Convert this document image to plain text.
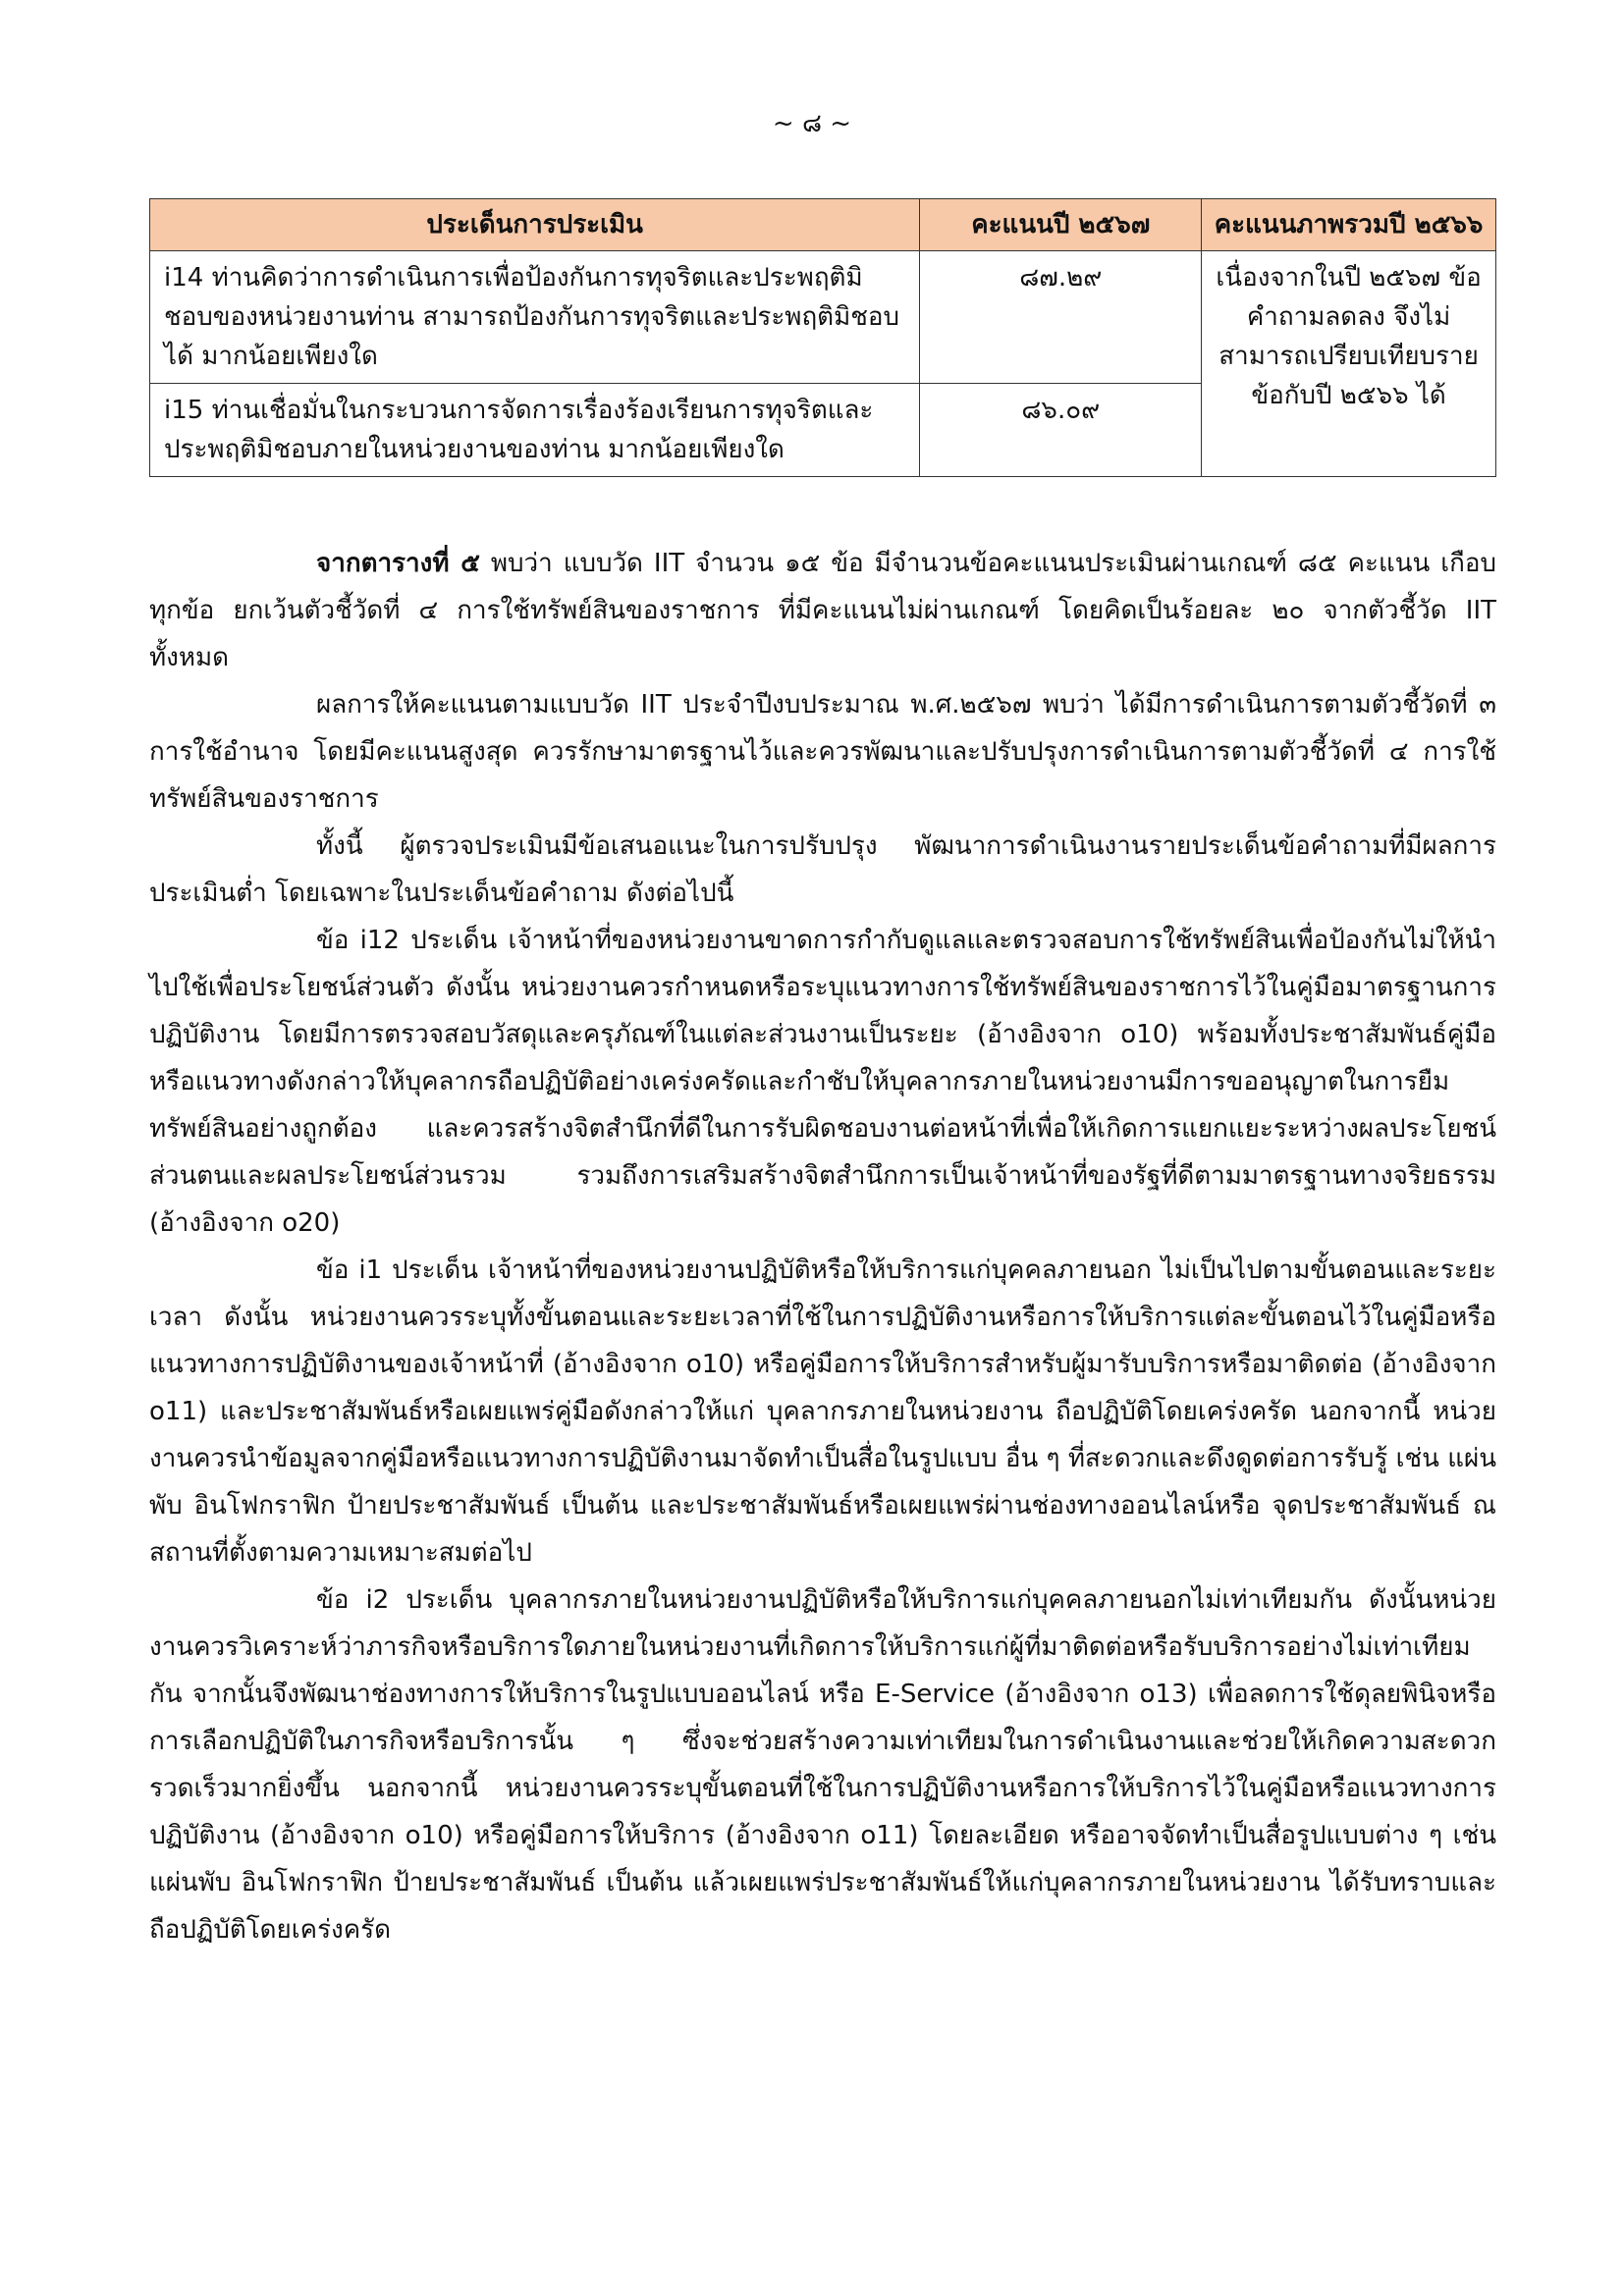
~ ๘ ~
ประเด็นการประเมิน	คะแนนปี ๒๕๖๗	คะแนนภาพรวมปี ๒๕๖๖
i14 ท่านคิดว่าการดำเนินการเพื่อป้องกันการทุจริตและประพฤติมิชอบของหน่วยงานท่าน สามารถป้องกันการทุจริตและประพฤติมิชอบได้ มากน้อยเพียงใด	๘๗.๒๙	เนื่องจากในปี ๒๕๖๗ ข้อคำถามลดลง จึงไม่สามารถเปรียบเทียบรายข้อกับปี ๒๕๖๖ ได้
i15 ท่านเชื่อมั่นในกระบวนการจัดการเรื่องร้องเรียนการทุจริตและประพฤติมิชอบภายในหน่วยงานของท่าน มากน้อยเพียงใด	๘๖.๐๙	

จากตารางที่ ๕ พบว่า แบบวัด IIT จำนวน ๑๕ ข้อ มีจำนวนข้อคะแนนประเมินผ่านเกณฑ์ ๘๕ คะแนน เกือบทุกข้อ ยกเว้นตัวชี้วัดที่ ๔ การใช้ทรัพย์สินของราชการ ที่มีคะแนนไม่ผ่านเกณฑ์ โดยคิดเป็นร้อยละ ๒๐ จากตัวชี้วัด IIT ทั้งหมด

ผลการให้คะแนนตามแบบวัด IIT ประจำปีงบประมาณ พ.ศ.๒๕๖๗ พบว่า ได้มีการดำเนินการตามตัวชี้วัดที่ ๓ การใช้อำนาจ โดยมีคะแนนสูงสุด ควรรักษามาตรฐานไว้และควรพัฒนาและปรับปรุงการดำเนินการตามตัวชี้วัดที่ ๔ การใช้ทรัพย์สินของราชการ

ทั้งนี้ ผู้ตรวจประเมินมีข้อเสนอแนะในการปรับปรุง พัฒนาการดำเนินงานรายประเด็นข้อคำถามที่มีผลการประเมินต่ำ โดยเฉพาะในประเด็นข้อคำถาม ดังต่อไปนี้

ข้อ i12 ประเด็น เจ้าหน้าที่ของหน่วยงานขาดการกำกับดูแลและตรวจสอบการใช้ทรัพย์สินเพื่อป้องกันไม่ให้นำไปใช้เพื่อประโยชน์ส่วนตัว ดังนั้น หน่วยงานควรกำหนดหรือระบุแนวทางการใช้ทรัพย์สินของราชการไว้ในคู่มือมาตรฐานการปฏิบัติงาน โดยมีการตรวจสอบวัสดุและครุภัณฑ์ในแต่ละส่วนงานเป็นระยะ (อ้างอิงจาก o10) พร้อมทั้งประชาสัมพันธ์คู่มือ หรือแนวทางดังกล่าวให้บุคลากรถือปฏิบัติอย่างเคร่งครัดและกำชับให้บุคลากรภายในหน่วยงานมีการขออนุญาตในการยืมทรัพย์สินอย่างถูกต้อง และควรสร้างจิตสำนึกที่ดีในการรับผิดชอบงานต่อหน้าที่เพื่อให้เกิดการแยกแยะระหว่างผลประโยชน์ส่วนตนและผลประโยชน์ส่วนรวม รวมถึงการเสริมสร้างจิตสำนึกการเป็นเจ้าหน้าที่ของรัฐที่ดีตามมาตรฐานทางจริยธรรม (อ้างอิงจาก o20)

ข้อ i1 ประเด็น เจ้าหน้าที่ของหน่วยงานปฏิบัติหรือให้บริการแก่บุคคลภายนอก ไม่เป็นไปตามขั้นตอนและระยะเวลา ดังนั้น หน่วยงานควรระบุทั้งขั้นตอนและระยะเวลาที่ใช้ในการปฏิบัติงานหรือการให้บริการแต่ละขั้นตอนไว้ในคู่มือหรือแนวทางการปฏิบัติงานของเจ้าหน้าที่ (อ้างอิงจาก o10) หรือคู่มือการให้บริการสำหรับผู้มารับบริการหรือมาติดต่อ (อ้างอิงจาก o11) และประชาสัมพันธ์หรือเผยแพร่คู่มือดังกล่าวให้แก่ บุคลากรภายในหน่วยงาน ถือปฏิบัติโดยเคร่งครัด นอกจากนี้ หน่วยงานควรนำข้อมูลจากคู่มือหรือแนวทางการปฏิบัติงานมาจัดทำเป็นสื่อในรูปแบบ อื่น ๆ ที่สะดวกและดึงดูดต่อการรับรู้ เช่น แผ่นพับ อินโฟกราฟิก ป้ายประชาสัมพันธ์ เป็นต้น และประชาสัมพันธ์หรือเผยแพร่ผ่านช่องทางออนไลน์หรือ จุดประชาสัมพันธ์ ณ สถานที่ตั้งตามความเหมาะสมต่อไป

ข้อ i2 ประเด็น บุคลากรภายในหน่วยงานปฏิบัติหรือให้บริการแก่บุคคลภายนอกไม่เท่าเทียมกัน ดังนั้นหน่วยงานควรวิเคราะห์ว่าภารกิจหรือบริการใดภายในหน่วยงานที่เกิดการให้บริการแก่ผู้ที่มาติดต่อหรือรับบริการอย่างไม่เท่าเทียมกัน จากนั้นจึงพัฒนาช่องทางการให้บริการในรูปแบบออนไลน์ หรือ E-Service (อ้างอิงจาก o13) เพื่อลดการใช้ดุลยพินิจหรือการเลือกปฏิบัติในภารกิจหรือบริการนั้น ๆ ซึ่งจะช่วยสร้างความเท่าเทียมในการดำเนินงานและช่วยให้เกิดความสะดวกรวดเร็วมากยิ่งขึ้น นอกจากนี้ หน่วยงานควรระบุขั้นตอนที่ใช้ในการปฏิบัติงานหรือการให้บริการไว้ในคู่มือหรือแนวทางการปฏิบัติงาน (อ้างอิงจาก o10) หรือคู่มือการให้บริการ (อ้างอิงจาก o11) โดยละเอียด หรืออาจจัดทำเป็นสื่อรูปแบบต่าง ๆ เช่น แผ่นพับ อินโฟกราฟิก ป้ายประชาสัมพันธ์ เป็นต้น แล้วเผยแพร่ประชาสัมพันธ์ให้แก่บุคลากรภายในหน่วยงาน ได้รับทราบและถือปฏิบัติโดยเคร่งครัด
